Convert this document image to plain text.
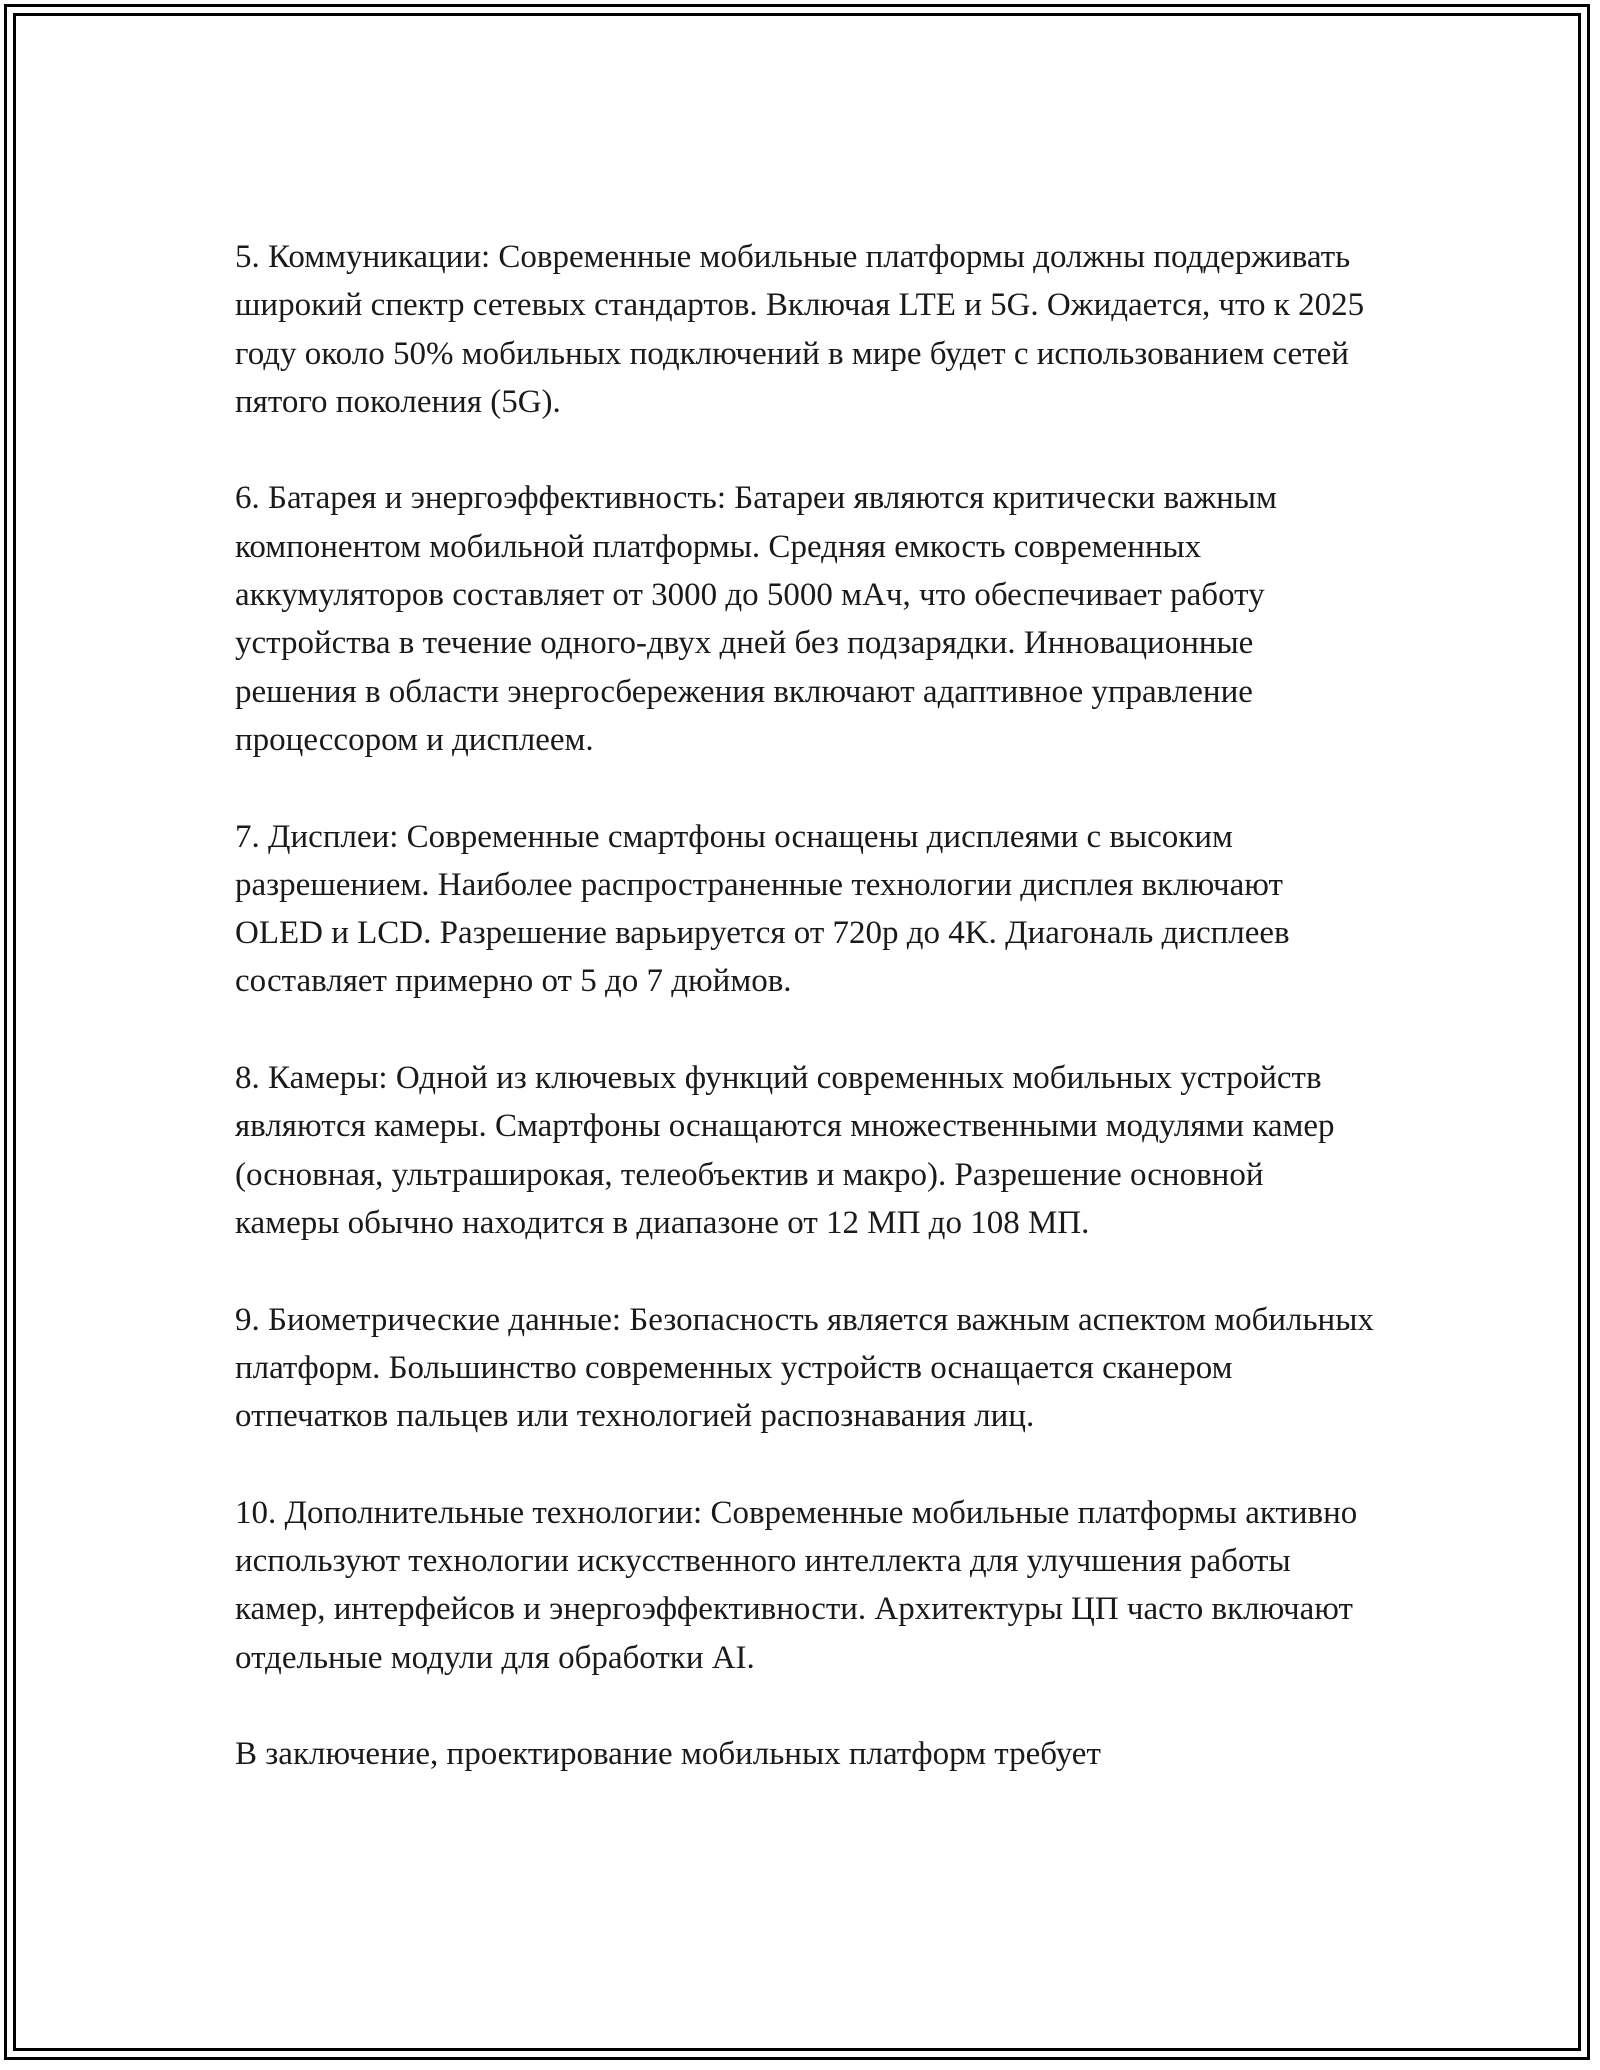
5. Коммуникации: Современные мобильные платформы должны поддерживать широкий спектр сетевых стандартов. Включая LTE и 5G. Ожидается, что к 2025 году около 50% мобильных подключений в мире будет с использованием сетей пятого поколения (5G).

6. Батарея и энергоэффективность: Батареи являются критически важным компонентом мобильной платформы. Средняя емкость современных аккумуляторов составляет от 3000 до 5000 мАч, что обеспечивает работу устройства в течение одного-двух дней без подзарядки. Инновационные решения в области энергосбережения включают адаптивное управление процессором и дисплеем.

7. Дисплеи: Современные смартфоны оснащены дисплеями с высоким разрешением. Наиболее распространенные технологии дисплея включают OLED и LCD. Разрешение варьируется от 720p до 4K. Диагональ дисплеев составляет примерно от 5 до 7 дюймов.

8. Камеры: Одной из ключевых функций современных мобильных устройств являются камеры. Смартфоны оснащаются множественными модулями камер (основная, ультраширокая, телеобъектив и макро). Разрешение основной камеры обычно находится в диапазоне от 12 МП до 108 МП.

9. Биометрические данные: Безопасность является важным аспектом мобильных платформ. Большинство современных устройств оснащается сканером отпечатков пальцев или технологией распознавания лиц.

10. Дополнительные технологии: Современные мобильные платформы активно используют технологии искусственного интеллекта для улучшения работы камер, интерфейсов и энергоэффективности. Архитектуры ЦП часто включают отдельные модули для обработки AI.

В заключение, проектирование мобильных платформ требует
